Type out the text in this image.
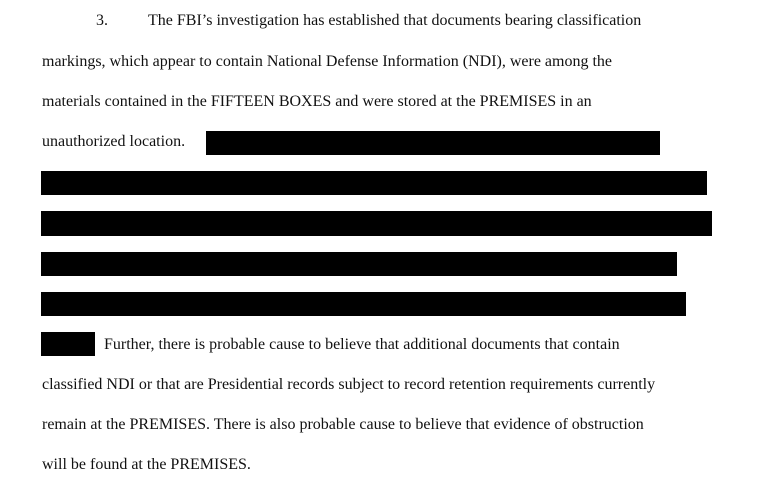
3.	The FBI’s investigation has established that documents bearing classification
markings, which appear to contain National Defense Information (NDI), were among the
materials contained in the FIFTEEN BOXES and were stored at the PREMISES in an
unauthorized location.
Further, there is probable cause to believe that additional documents that contain
classified NDI or that are Presidential records subject to record retention requirements currently
remain at the PREMISES. There is also probable cause to believe that evidence of obstruction
will be found at the PREMISES.
